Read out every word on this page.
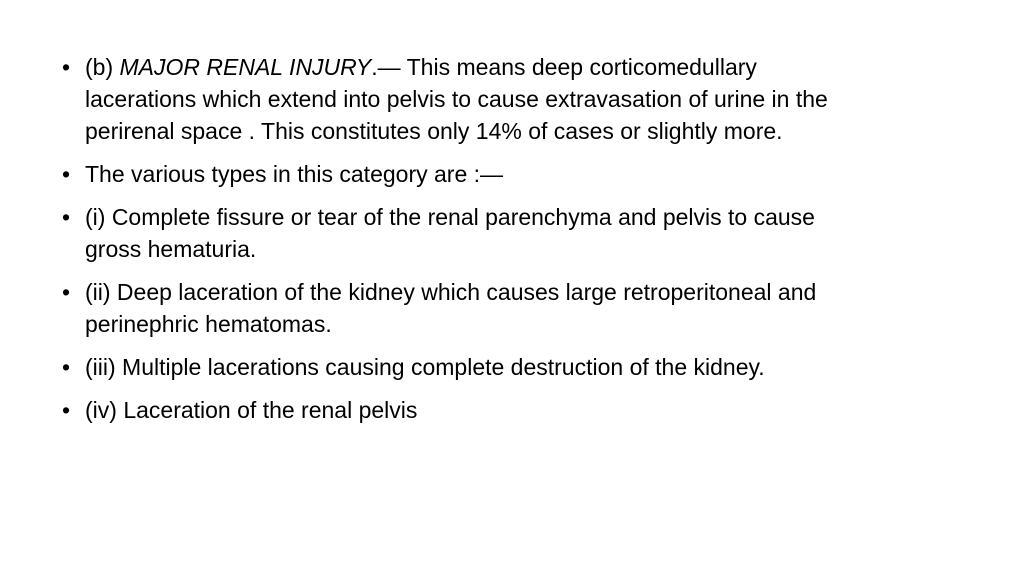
• (b) MAJOR RENAL INJURY.— This means deep corticomedullary lacerations which extend into pelvis to cause extravasation of urine in the perirenal space . This constitutes only 14% of cases or slightly more.
• The various types in this category are :—
• (i) Complete fissure or tear of the renal parenchyma and pelvis to cause gross hematuria.
• (ii) Deep laceration of the kidney which causes large retroperitoneal and perinephric hematomas.
• (iii) Multiple lacerations causing complete destruction of the kidney.
• (iv) Laceration of the renal pelvis
